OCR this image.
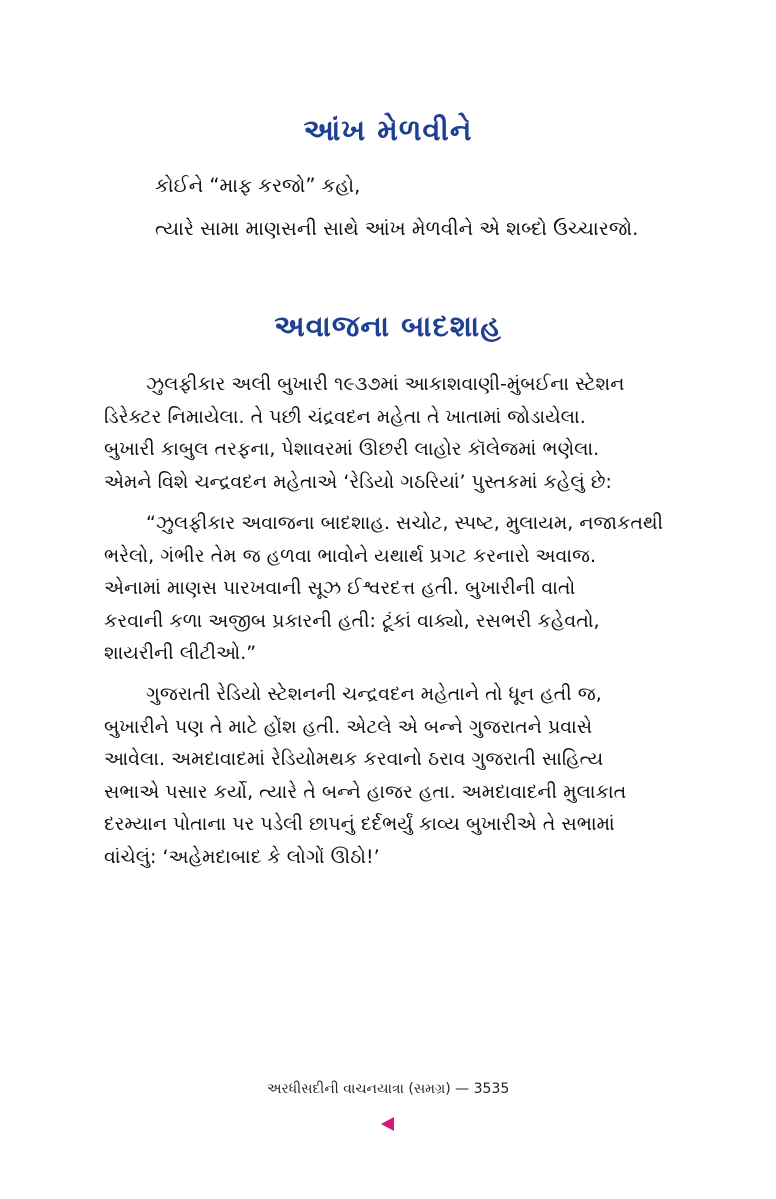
આંખ મેળવીને
કોઈને “માફ કરજો” કહો,
ત્યારે સામા માણસની સાથે આંખ મેળવીને એ શબ્દો ઉચ્ચારજો.
અવાજના બાદશાહ
ઝુલફીકાર અલી બુખારી ૧૯૩૭માં આકાશવાણી-મુંબઈના સ્ટેશન
ડિરેક્ટર નિમાયેલા. તે પછી ચંદ્રવદન મહેતા તે ખાતામાં જોડાયેલા.
બુખારી કાબુલ તરફના, પેશાવરમાં ઊછરી લાહોર કૉલેજમાં ભણેલા.
એમને વિશે ચન્દ્રવદન મહેતાએ ‘રેડિયો ગઠરિયાં’ પુસ્તકમાં કહેલું છે:
“ઝુલફીકાર અવાજના બાદશાહ. સચોટ, સ્પષ્ટ, મુલાયમ, નજાકતથી
ભરેલો, ગંભીર તેમ જ હળવા ભાવોને યથાર્થ પ્રગટ કરનારો અવાજ.
એનામાં માણસ પારખવાની સૂઝ ઈશ્વરદત્ત હતી. બુખારીની વાતો
કરવાની કળા અજીબ પ્રકારની હતી: ટૂંકાં વાક્યો, રસભરી કહેવતો,
શાયરીની લીટીઓ.”
ગુજરાતી રેડિયો સ્ટેશનની ચન્દ્રવદન મહેતાને તો ધૂન હતી જ,
બુખારીને પણ તે માટે હોંશ હતી. એટલે એ બન્ને ગુજરાતને પ્રવાસે
આવેલા. અમદાવાદમાં રેડિયોમથક કરવાનો ઠરાવ ગુજરાતી સાહિત્ય
સભાએ પસાર કર્યો, ત્યારે તે બન્ને હાજર હતા. અમદાવાદની મુલાકાત
દરમ્યાન પોતાના પર પડેલી છાપનું દર્દભર્યું કાવ્ય બુખારીએ તે સભામાં
વાંચેલું: ‘અહેમદાબાદ કે લોગોં ઊઠો!’
અરધીસદીની વાચનયાત્રા (સમગ્ર) — 3535
